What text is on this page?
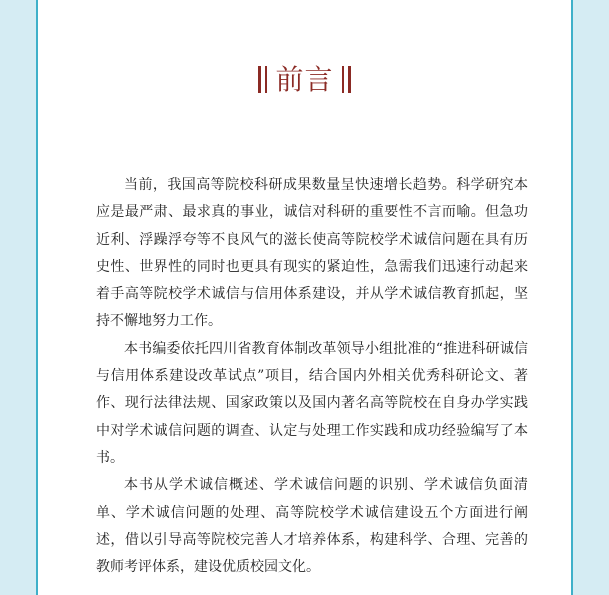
前言

当前，我国高等院校科研成果数量呈快速增长趋势。科学研究本应是最严肃、最求真的事业，诚信对科研的重要性不言而喻。但急功近利、浮躁浮夸等不良风气的滋长使高等院校学术诚信问题在具有历史性、世界性的同时也更具有现实的紧迫性，急需我们迅速行动起来着手高等院校学术诚信与信用体系建设，并从学术诚信教育抓起，坚持不懈地努力工作。

本书编委依托四川省教育体制改革领导小组批准的“推进科研诚信与信用体系建设改革试点”项目，结合国内外相关优秀科研论文、著作、现行法律法规、国家政策以及国内著名高等院校在自身办学实践中对学术诚信问题的调查、认定与处理工作实践和成功经验编写了本书。

本书从学术诚信概述、学术诚信问题的识别、学术诚信负面清单、学术诚信问题的处理、高等院校学术诚信建设五个方面进行阐述，借以引导高等院校完善人才培养体系，构建科学、合理、完善的教师考评体系，建设优质校园文化。
